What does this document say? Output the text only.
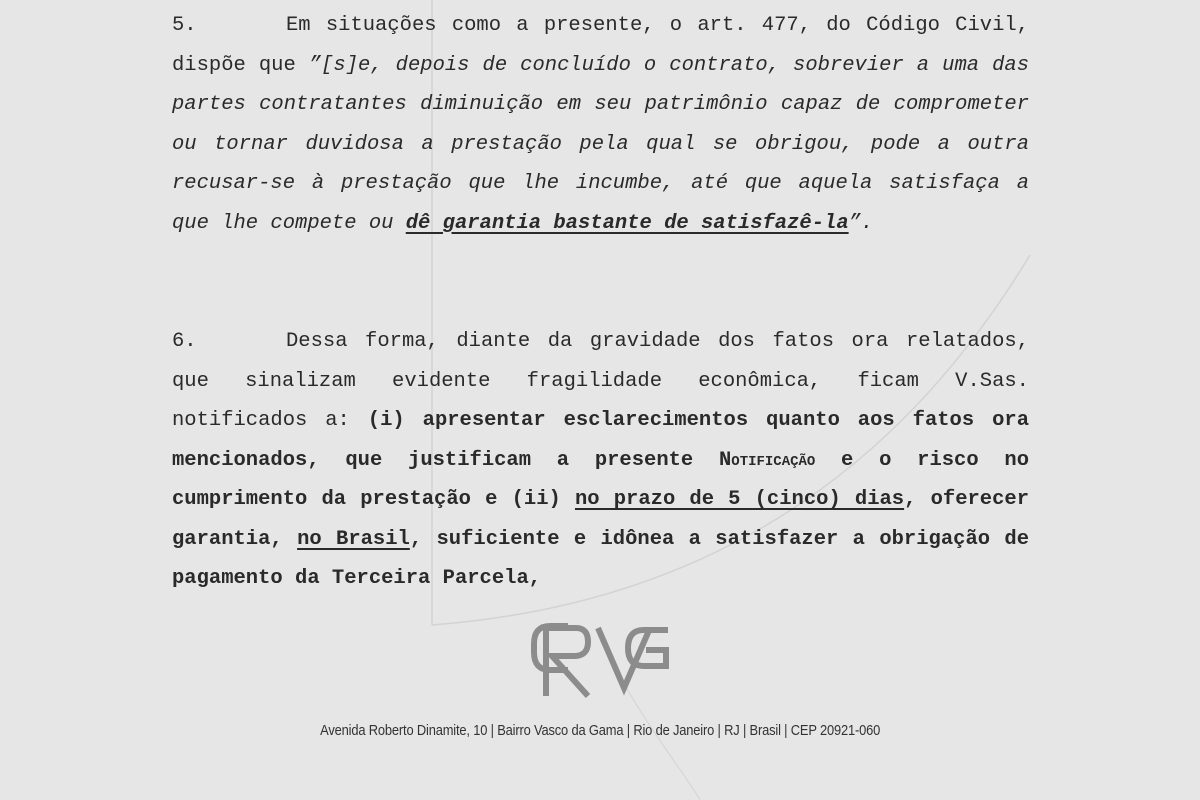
5.	Em situações como a presente, o art. 477, do Código Civil, dispõe que ”[s]e, depois de concluído o contrato, sobrevier a uma das partes contratantes diminuição em seu patrimônio capaz de comprometer ou tornar duvidosa a prestação pela qual se obrigou, pode a outra recusar-se à prestação que lhe incumbe, até que aquela satisfaça a que lhe compete ou dê garantia bastante de satisfazê-la”.

6.	Dessa forma, diante da gravidade dos fatos ora relatados, que sinalizam evidente fragilidade econômica, ficam V.Sas. notificados a: (i) apresentar esclarecimentos quanto aos fatos ora mencionados, que justificam a presente Notificação e o risco no cumprimento da prestação e (ii) no prazo de 5 (cinco) dias, oferecer garantia, no Brasil, suficiente e idônea a satisfazer a obrigação de pagamento da Terceira Parcela,

Avenida Roberto Dinamite, 10 | Bairro Vasco da Gama | Rio de Janeiro | RJ | Brasil | CEP 20921-060
